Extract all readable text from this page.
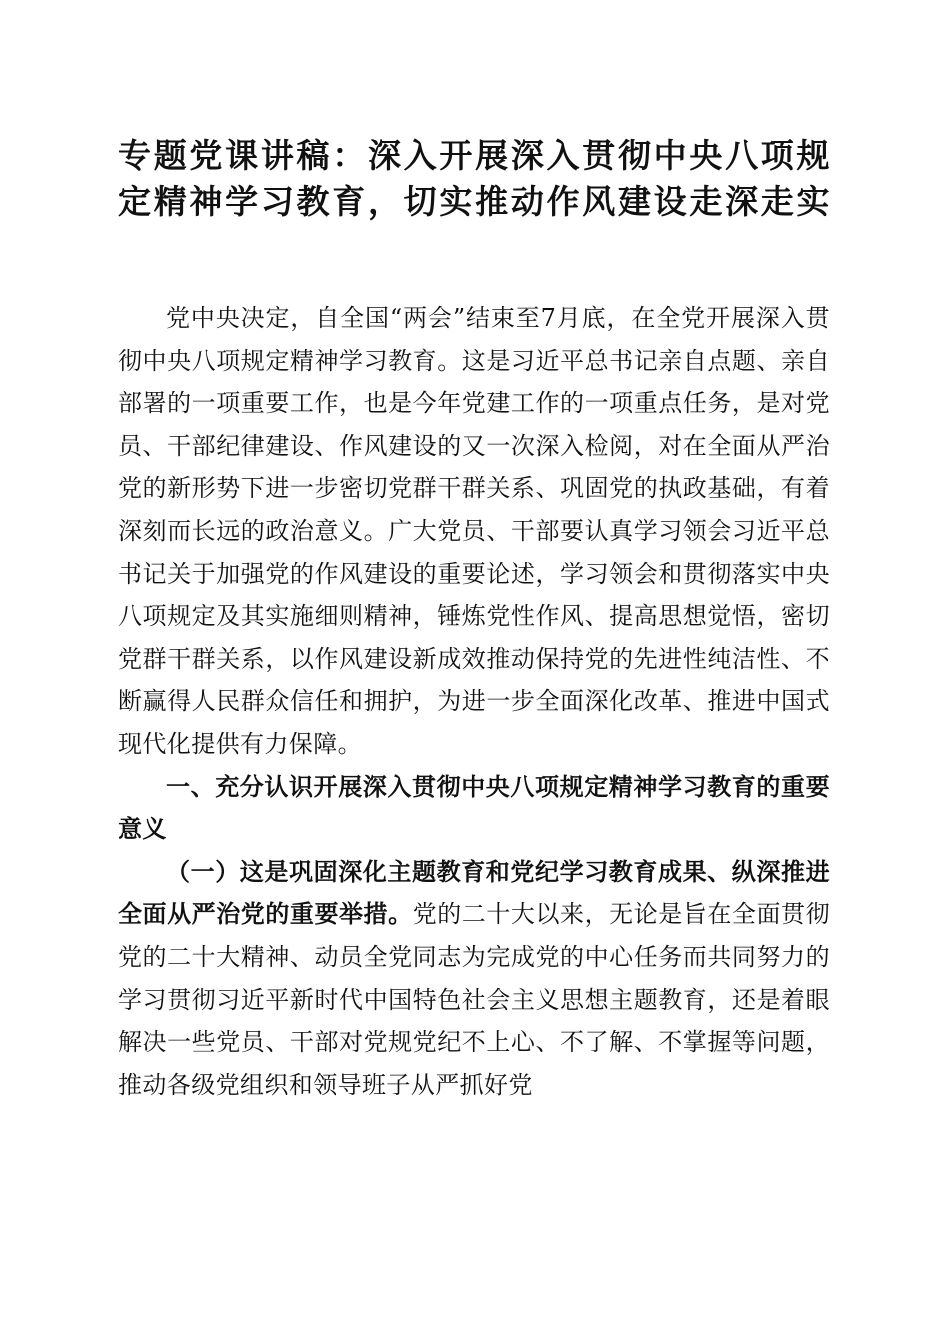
专题党课讲稿：深入开展深入贯彻中央八项规
定精神学习教育，切实推动作风建设走深走实

党中央决定，自全国“两会”结束至7月底，在全党开展深入贯彻中央八项规定精神学习教育。这是习近平总书记亲自点题、亲自部署的一项重要工作，也是今年党建工作的一项重点任务，是对党员、干部纪律建设、作风建设的又一次深入检阅，对在全面从严治党的新形势下进一步密切党群干群关系、巩固党的执政基础，有着深刻而长远的政治意义。广大党员、干部要认真学习领会习近平总书记关于加强党的作风建设的重要论述，学习领会和贯彻落实中央八项规定及其实施细则精神，锤炼党性作风、提高思想觉悟，密切党群干群关系，以作风建设新成效推动保持党的先进性纯洁性、不断赢得人民群众信任和拥护，为进一步全面深化改革、推进中国式现代化提供有力保障。

一、充分认识开展深入贯彻中央八项规定精神学习教育的重要意义

（一）这是巩固深化主题教育和党纪学习教育成果、纵深推进全面从严治党的重要举措。党的二十大以来，无论是旨在全面贯彻党的二十大精神、动员全党同志为完成党的中心任务而共同努力的学习贯彻习近平新时代中国特色社会主义思想主题教育，还是着眼解决一些党员、干部对党规党纪不上心、不了解、不掌握等问题，推动各级党组织和领导班子从严抓好党
